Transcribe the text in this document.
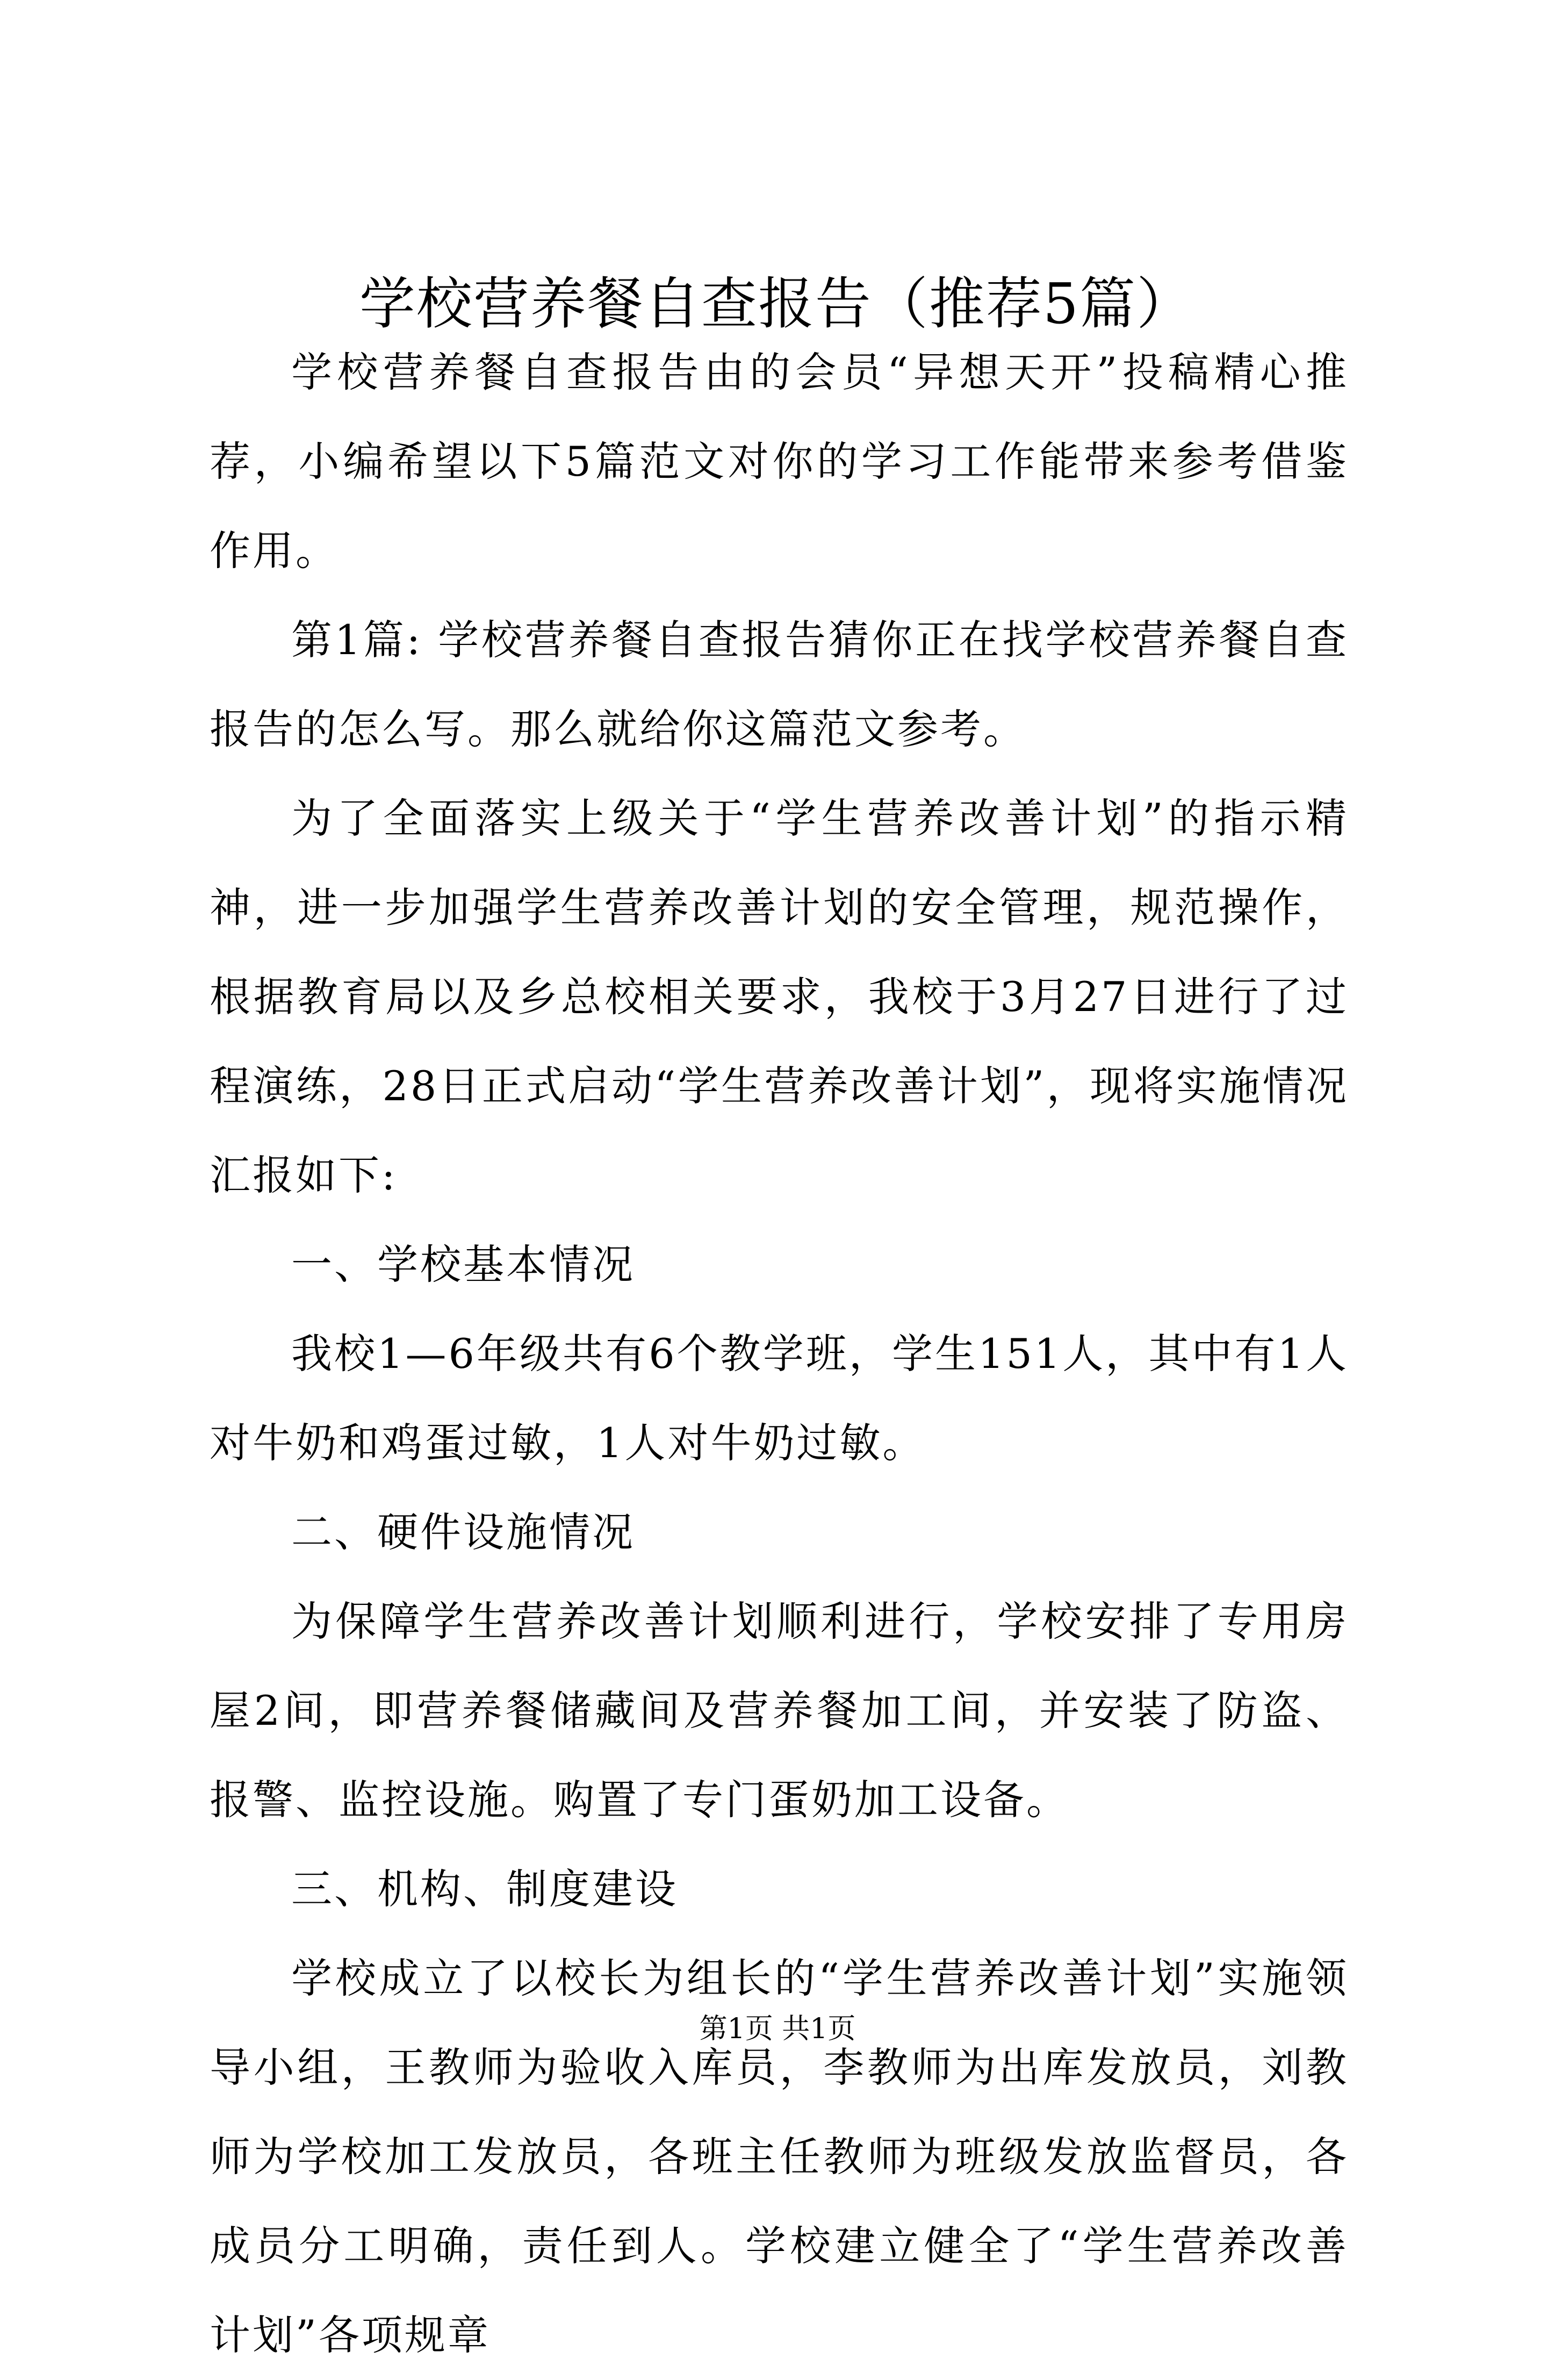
学校营养餐自查报告（推荐5篇）

学校营养餐自查报告由的会员“异想天开”投稿精心推荐，小编希望以下5篇范文对你的学习工作能带来参考借鉴作用。

第1篇: 学校营养餐自查报告猜你正在找学校营养餐自查报告的怎么写。那么就给你这篇范文参考。

为了全面落实上级关于“学生营养改善计划”的指示精神，进一步加强学生营养改善计划的安全管理，规范操作，根据教育局以及乡总校相关要求，我校于3月27日进行了过程演练，28日正式启动“学生营养改善计划”，现将实施情况汇报如下:

一、学校基本情况

我校1—6年级共有6个教学班，学生151人，其中有1人对牛奶和鸡蛋过敏，1人对牛奶过敏。

二、硬件设施情况

为保障学生营养改善计划顺利进行，学校安排了专用房屋2间，即营养餐储藏间及营养餐加工间，并安装了防盗、报警、监控设施。购置了专门蛋奶加工设备。

三、机构、制度建设

学校成立了以校长为组长的“学生营养改善计划”实施领导小组，王教师为验收入库员，李教师为出库发放员，刘教师为学校加工发放员，各班主任教师为班级发放监督员，各成员分工明确，责任到人。学校建立健全了“学生营养改善计划”各项规章

第1页 共1页
